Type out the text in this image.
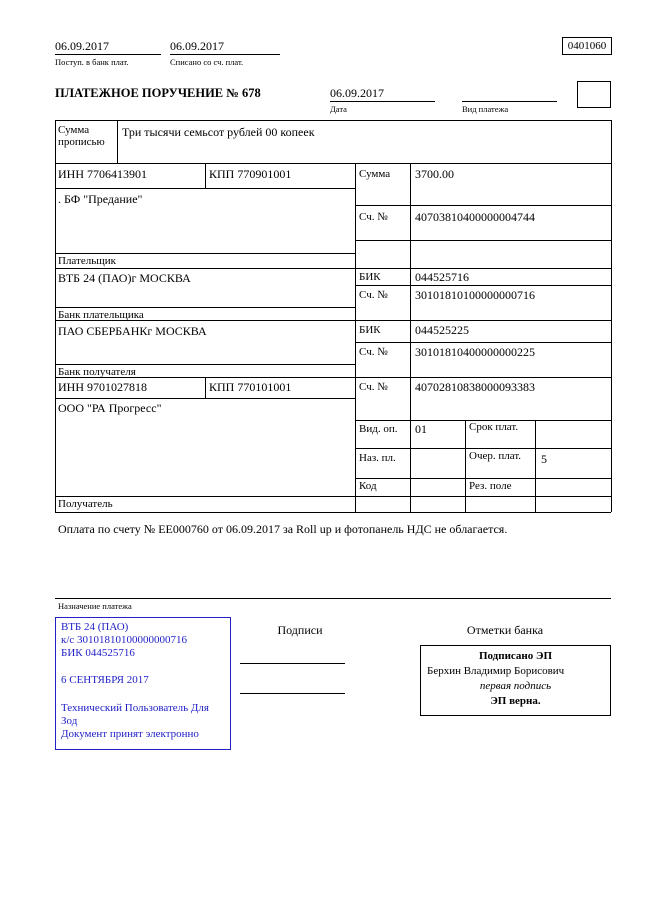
06.09.2017
Поступ. в банк плат.
06.09.2017
Списано со сч. плат.
0401060
ПЛАТЕЖНОЕ ПОРУЧЕНИЕ № 678	06.09.2017
Дата	Вид платежа
Сумма прописью
Три тысячи семьсот рублей 00 копеек
ИНН 7706413901	КПП 770901001	Сумма 3700.00
. БФ "Предание"
Сч. № 40703810400000004744
Плательщик
ВТБ 24 (ПАО)г МОСКВА	БИК	044525716
Сч. № 30101810100000000716
Банк плательщика
ПАО СБЕРБАНКг МОСКВА	БИК	044525225
Сч. № 30101810400000000225
Банк получателя
ИНН 9701027818	КПП 770101001	Сч. № 40702810838000093383
ООО "РА Прогресс"
Получатель
Вид. оп. 01	Срок плат.
Наз. пл.	Очер. плат.	5
Код	Рез. поле
Оплата по счету № ЕЕ000760 от 06.09.2017 за Roll up и фотопанель НДС не облагается.
Назначение платежа
Подписи	Отметки банка
ВТБ 24 (ПАО)
к/с 30101810100000000716
БИК 044525716
6 СЕНТЯБРЯ 2017
Технический Пользователь Для Зод
Документ принят электронно
Подписано ЭП
Берхин Владимир Борисович
первая подпись
ЭП верна.
